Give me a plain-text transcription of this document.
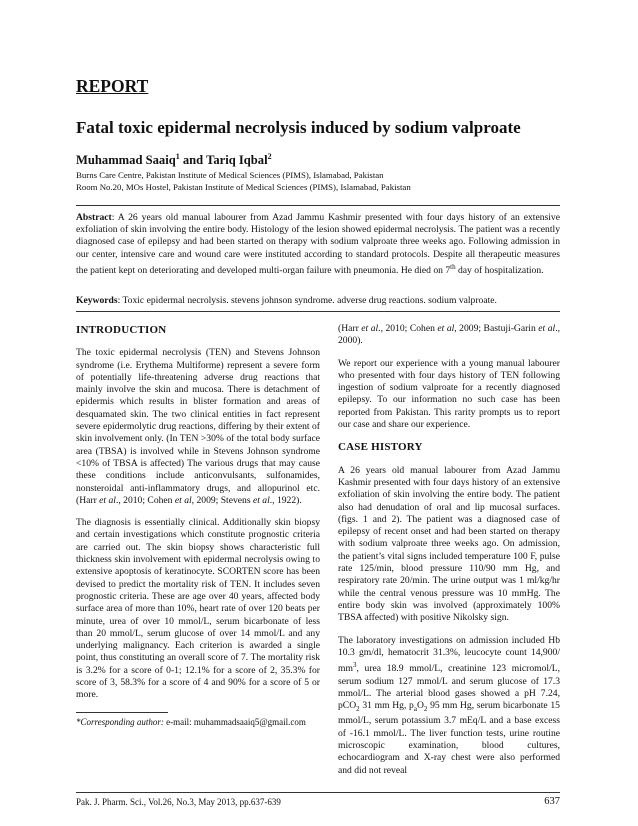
REPORT
Fatal toxic epidermal necrolysis induced by sodium valproate
Muhammad Saaiq$^1$ and Tariq Iqbal$^2$
Burns Care Centre, Pakistan Institute of Medical Sciences (PIMS), Islamabad, Pakistan
Room No.20, MOs Hostel, Pakistan Institute of Medical Sciences (PIMS), Islamabad, Pakistan
Abstract: A 26 years old manual labourer from Azad Jammu Kashmir presented with four days history of an extensive exfoliation of skin involving the entire body. Histology of the lesion showed epidermal necrolysis. The patient was a recently diagnosed case of epilepsy and had been started on therapy with sodium valproate three weeks ago. Following admission in our center, intensive care and wound care were instituted according to standard protocols. Despite all therapeutic measures the patient kept on deteriorating and developed multi-organ failure with pneumonia. He died on 7th day of hospitalization.
Keywords: Toxic epidermal necrolysis. stevens johnson syndrome. adverse drug reactions. sodium valproate.
INTRODUCTION

The toxic epidermal necrolysis (TEN) and Stevens Johnson syndrome (i.e. Erythema Multiforme) represent a severe form of potentially life-threatening adverse drug reactions that mainly involve the skin and mucosa. There is detachment of epidermis which results in blister formation and areas of desquamated skin. The two clinical entities in fact represent severe epidermolytic drug reactions, differing by their extent of skin involvement only. (In TEN >30% of the total body surface area (TBSA) is involved while in Stevens Johnson syndrome <10% of TBSA is affected) The various drugs that may cause these conditions include anticonvulsants, sulfonamides, nonsteroidal anti-inflammatory drugs, and allopurinol etc. (Harr et al., 2010; Cohen et al, 2009; Stevens et al., 1922).

The diagnosis is essentially clinical. Additionally skin biopsy and certain investigations which constitute prognostic criteria are carried out. The skin biopsy shows characteristic full thickness skin involvement with epidermal necrolysis owing to extensive apoptosis of keratinocyte. SCORTEN score has been devised to predict the mortality risk of TEN. It includes seven prognostic criteria. These are age over 40 years, affected body surface area of more than 10%, heart rate of over 120 beats per minute, urea of over 10 mmol/L, serum bicarbonate of less than 20 mmol/L, serum glucose of over 14 mmol/L and any underlying malignancy. Each criterion is awarded a single point, thus constituting an overall score of 7. The mortality risk is 3.2% for a score of 0-1; 12.1% for a score of 2, 35.3% for score of 3, 58.3% for a score of 4 and 90% for a score of 5 or more.

(Harr et al., 2010; Cohen et al, 2009; Bastuji-Garin et al., 2000).

We report our experience with a young manual labourer who presented with four days history of TEN following ingestion of sodium valproate for a recently diagnosed epilepsy. To our information no such case has been reported from Pakistan. This rarity prompts us to report our case and share our experience.

CASE HISTORY

A 26 years old manual labourer from Azad Jammu Kashmir presented with four days history of an extensive exfoliation of skin involving the entire body. The patient also had denudation of oral and lip mucosal surfaces. (figs. 1 and 2). The patient was a diagnosed case of epilepsy of recent onset and had been started on therapy with sodium valproate three weeks ago. On admission, the patient’s vital signs included temperature 100 F, pulse rate 125/min, blood pressure 110/90 mm Hg, and respiratory rate 20/min. The urine output was 1 ml/kg/hr while the central venous pressure was 10 mmHg. The entire body skin was involved (approximately 100% TBSA affected) with positive Nikolsky sign.

The laboratory investigations on admission included Hb 10.3 gm/dl, hematocrit 31.3%, leucocyte count 14,900/ $mm^3$, urea 18.9 mmol/L, creatinine 123 micromol/L, serum sodium 127 mmol/L and serum glucose of 17.3 mmol/L. The arterial blood gases showed a pH 7.24, pCO$_2$ 31 mm Hg, $p_aO_2$ 95 mm Hg, serum bicarbonate 15 mmol/L, serum potassium 3.7 mEq/L and a base excess of -16.1 mmol/L. The liver function tests, urine routine microscopic examination, blood cultures, echocardiogram and X-ray chest were also performed and did not reveal

*Corresponding author: e-mail: muhammadsaaiq5@gmail.com
Pak. J. Pharm. Sci., Vol.26, No.3, May 2013, pp.637-639	637
